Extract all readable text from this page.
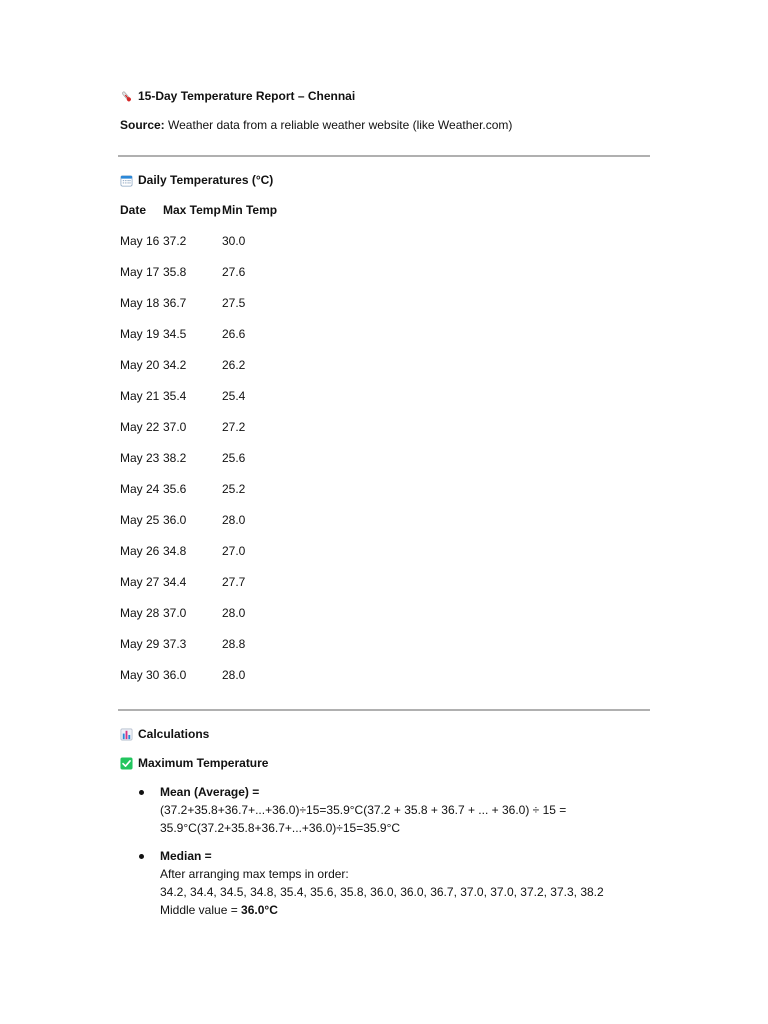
15-Day Temperature Report – Chennai
Source: Weather data from a reliable weather website (like Weather.com)
Daily Temperatures (°C)
Date Max Temp Min Temp
May 16 37.2	30.0
May 17 35.8	27.6
May 18 36.7	27.5
May 19 34.5	26.6
May 20 34.2	26.2
May 21 35.4	25.4
May 22 37.0	27.2
May 23 38.2	25.6
May 24 35.6	25.2
May 25 36.0	28.0
May 26 34.8	27.0
May 27 34.4	27.7
May 28 37.0	28.0
May 29 37.3	28.8
May 30 36.0	28.0
Calculations
Maximum Temperature
Mean (Average) =
(37.2+35.8+36.7+...+36.0)÷15=35.9°C(37.2 + 35.8 + 36.7 + ... + 36.0) ÷ 15 =
35.9°C(37.2+35.8+36.7+...+36.0)÷15=35.9°C
Median =
After arranging max temps in order:
34.2, 34.4, 34.5, 34.8, 35.4, 35.6, 35.8, 36.0, 36.0, 36.7, 37.0, 37.0, 37.2, 37.3, 38.2
Middle value = 36.0°C
